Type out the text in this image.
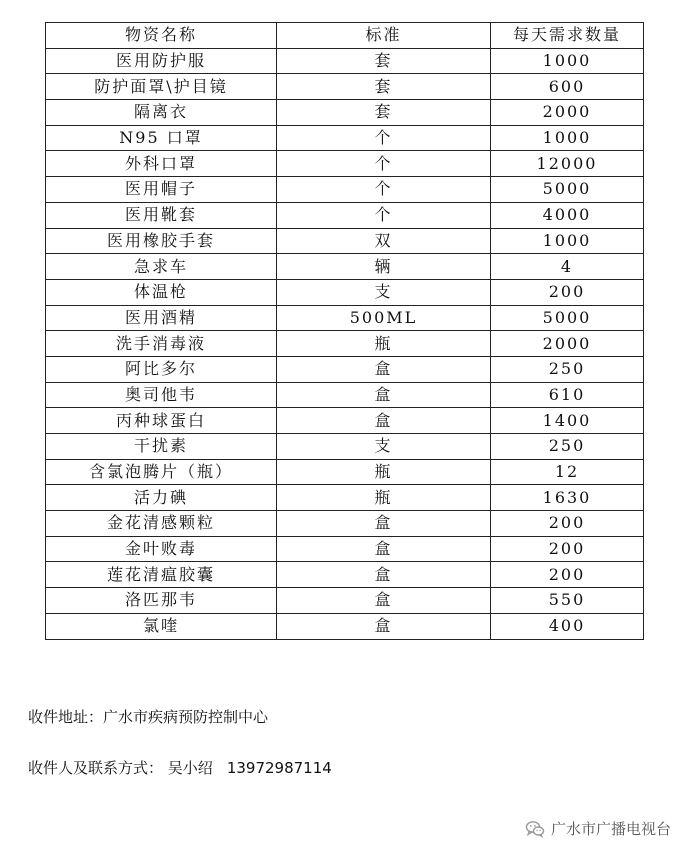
物资名称	标准	每天需求数量
医用防护服	套	1000
防护面罩\护目镜	套	600
隔离衣	套	2000
N95 口罩	个	1000
外科口罩	个	12000
医用帽子	个	5000
医用靴套	个	4000
医用橡胶手套	双	1000
急求车	辆	4
体温枪	支	200
医用酒精	500ML	5000
洗手消毒液	瓶	2000
阿比多尔	盒	250
奥司他韦	盒	610
丙种球蛋白	盒	1400
干扰素	支	250
含氯泡腾片（瓶）	瓶	12
活力碘	瓶	1630
金花清感颗粒	盒	200
金叶败毒	盒	200
莲花清瘟胶囊	盒	200
洛匹那韦	盒	550
氯喹	盒	400
收件地址：广水市疾病预防控制中心
收件人及联系方式： 吴小绍 13972987114
广水市广播电视台
